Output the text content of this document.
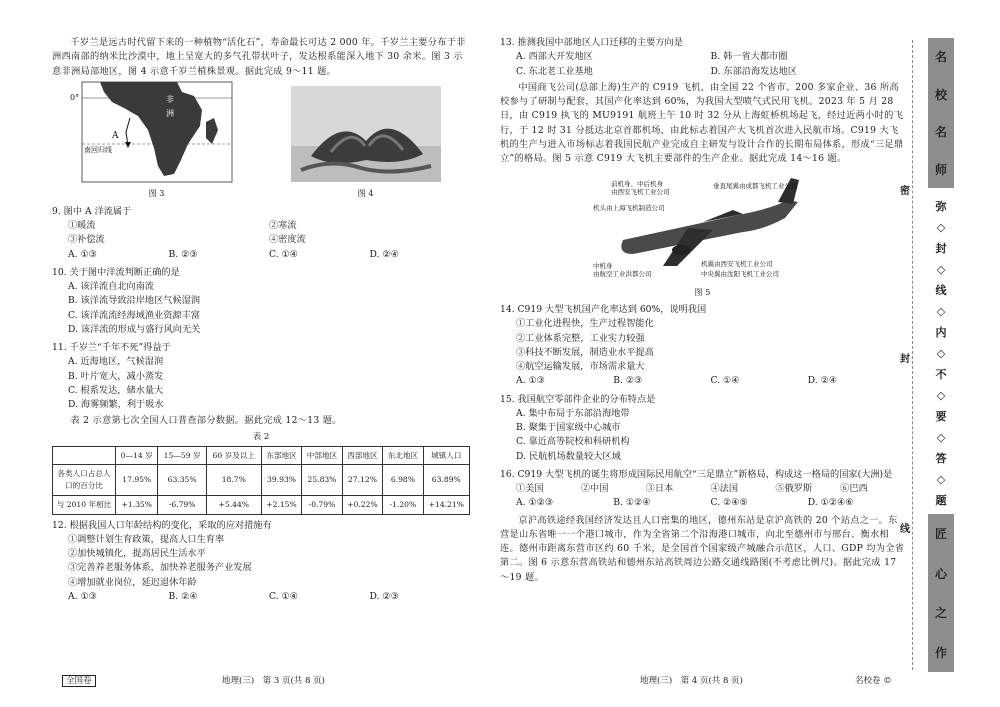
千岁兰是远古时代留下来的一种植物“活化石”，寿命最长可达 2 000 年。千岁兰主要分布于非洲西南部的纳米比沙漠中，地上呈宽大的多气孔带状叶子，发达根系能深入地下 30 余米。图 3 示意非洲局部地区，图 4 示意千岁兰植株景观。据此完成 9～11 题。

0°
A
非
洲
南回归线
图 3	图 4

9. 图中 A 洋流属于

①暖流	②寒流
③补偿流	④密度流
A. ①③	B. ②③	C. ①④	D. ②④

10. 关于图中洋流判断正确的是

A. 该洋流自北向南流

B. 该洋流导致沿岸地区气候湿润

C. 该洋流流经海域渔业资源丰富

D. 该洋流的形成与盛行风向无关

11. 千岁兰“千年不死”得益于

A. 近海地区，气候湿润

B. 叶片宽大，减小蒸发

C. 根系发达，储水量大

D. 海雾频繁，利于吸水

表 2 示意第七次全国人口普查部分数据。据此完成 12～13 题。

表 2
	0—14 岁	15—59 岁	60 岁及以上	东部地区	中部地区	西部地区	东北地区	城镇人口
各类人口占总人口的百分比	17.95%	63.35%	18.7%	39.93%	25.83%	27.12%	6.98%	63.89%
与 2010 年相比	+1.35%	-6.79%	+5.44%	+2.15%	-0.79%	+0.22%	-1.20%	+14.21%

12. 根据我国人口年龄结构的变化，采取的应对措施有

①调整计划生育政策，提高人口生育率

②加快城镇化，提高居民生活水平

③完善养老服务体系，加快养老服务产业发展

④增加就业岗位，延迟退休年龄

A. ①③	B. ②④	C. ①④	D. ②③
全国卷	地理(三)　第 3 页(共 8 页)

13. 推测我国中部地区人口迁移的主要方向是

A. 西部大开发地区	B. 韩一省大都市圈
C. 东北老工业基地	D. 东部沿海发达地区

中国商飞公司(总部上海)生产的 C919 飞机，由全国 22 个省市、200 多家企业、36 所高校参与了研制与配套，其国产化率达到 60%，为我国大型喷气式民用飞机。2023 年 5 月 28 日，由 C919 执飞的 MU9191 航班上午 10 时 32 分从上海虹桥机场起飞，经过近两小时的飞行，于 12 时 31 分抵达北京首都机场，由此标志着国产大飞机首次进入民航市场。C919 大飞机的生产与进入市场标志着我国民航产业完成自主研发与设计合作的长期布局体系，形成“三足鼎立”的格局。图 5 示意 C919 大飞机主要部件的生产企业。据此完成 14～16 题。

前机身、中后机身
由西安飞机工业公司
机头由上海飞机制造公司
中机身
由航空工业洪都公司
垂直尾翼由成都飞机工业公司
机翼由西安飞机工业公司
中央翼由沈阳飞机工业公司
图 5

14. C919 大型飞机国产化率达到 60%，说明我国

①工业化进程快，生产过程智能化

②工业体系完整，工业实力较强

③科技不断发展，制造业水平提高

④航空运输发展，市场需求量大

A. ①③	B. ②③	C. ①④	D. ②④

15. 我国航空零部件企业的分布特点是

A. 集中布局于东部沿海地带

B. 聚集于国家级中心城市

C. 靠近高等院校和科研机构

D. 民航机场数量较大区域

16. C919 大型飞机的诞生将形成国际民用航空“三足鼎立”新格局，构成这一格局的国家(大洲)是

①美国	②中国	③日本	④法国	⑤俄罗斯	⑥巴西
A. ①②③	B. ①②④	C. ②④⑤	D. ①②④⑥

京沪高铁途经我国经济发达且人口密集的地区，德州东站是京沪高铁的 20 个站点之一。东营是山东省唯一一个港口城市，作为全省第二个沿海港口城市，向北至德州市与邢台、衡水相连。德州市距离东营市区约 60 千米，是全国首个国家级产城融合示范区，人口、GDP 均为全省第二。图 6 示意东营高铁站和德州东站高铁周边公路交通线路图(不考虑比例尺)。据此完成 17～19 题。

地理(三)　第 4 页(共 8 页)	名校卷 ©
密
封
线
名
校
名
师
弥
◇
封
◇
线
◇
内
◇
不
◇
要
◇
答
◇
题
匠
心
之
作
